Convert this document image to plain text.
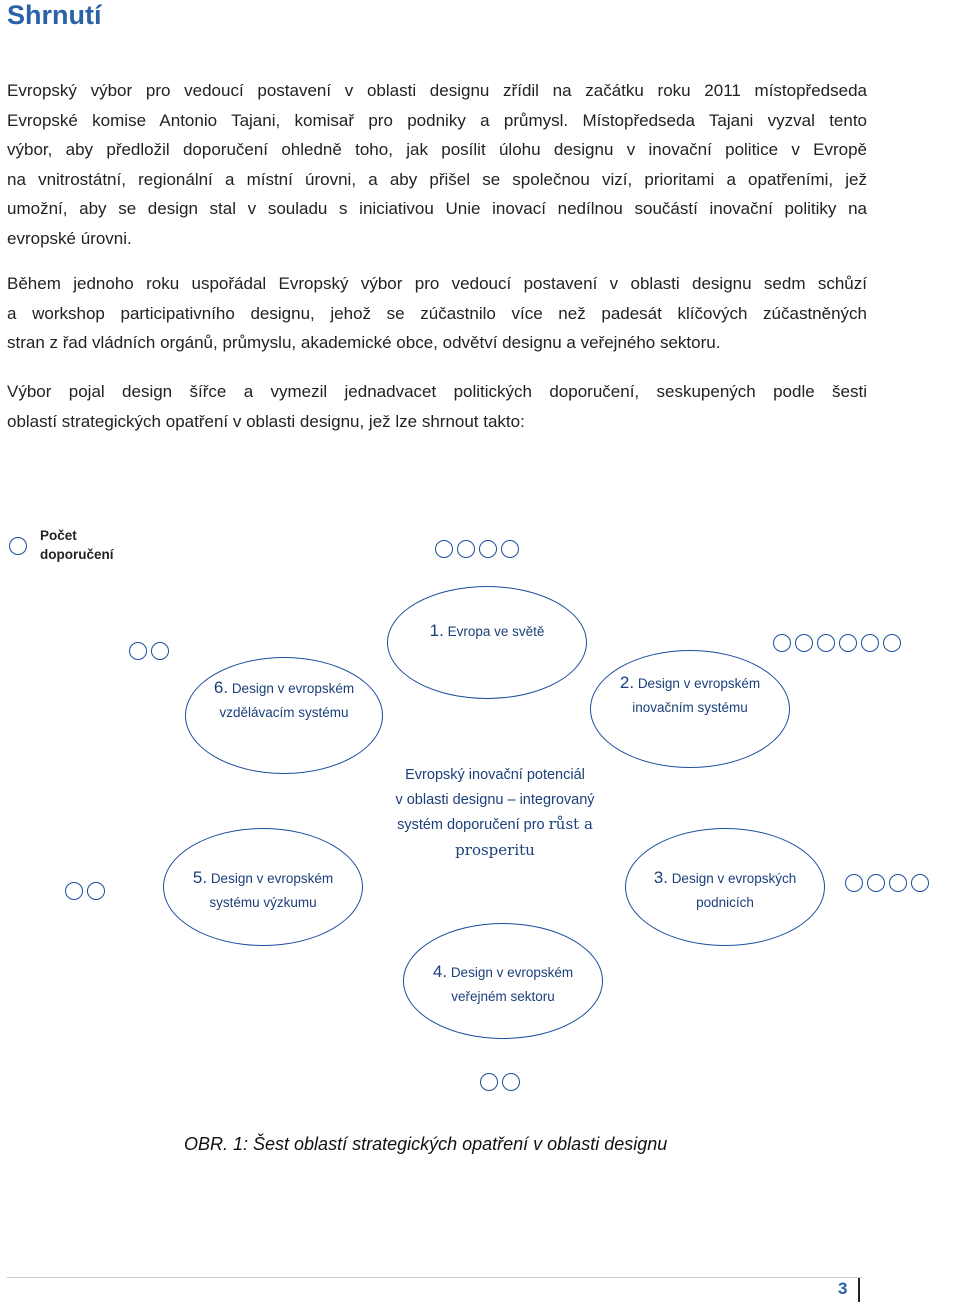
Shrnutí

Evropský výbor pro vedoucí postavení v oblasti designu zřídil na začátku roku 2011 místopředseda
Evropské komise Antonio Tajani, komisař pro podniky a průmysl. Místopředseda Tajani vyzval tento
výbor, aby předložil doporučení ohledně toho, jak posílit úlohu designu v inovační politice v Evropě
na vnitrostátní, regionální a místní úrovni, a aby přišel se společnou vizí, prioritami a opatřeními, jež
umožní, aby se design stal v souladu s iniciativou Unie inovací nedílnou součástí inovační politiky na
evropské úrovni.

Během jednoho roku uspořádal Evropský výbor pro vedoucí postavení v oblasti designu sedm schůzí
a workshop participativního designu, jehož se zúčastnilo více než padesát klíčových zúčastněných
stran z řad vládních orgánů, průmyslu, akademické obce, odvětví designu a veřejného sektoru.

Výbor pojal design šířce a vymezil jednadvacet politických doporučení, seskupených podle šesti
oblastí strategických opatření v oblasti designu, jež lze shrnout takto:

Počet
doporučení
1. Evropa ve světě
6. Design v evropském
vzdělávacím systému
2. Design v evropském
inovačním systému
5. Design v evropském
systému výzkumu
3. Design v evropských
podnicích
4. Design v evropském
veřejném sektoru
Evropský inovační potenciál
v oblasti designu – integrovaný
systém doporučení pro růst a
prosperitu
OBR. 1: Šest oblastí strategických opatření v oblasti designu
3
